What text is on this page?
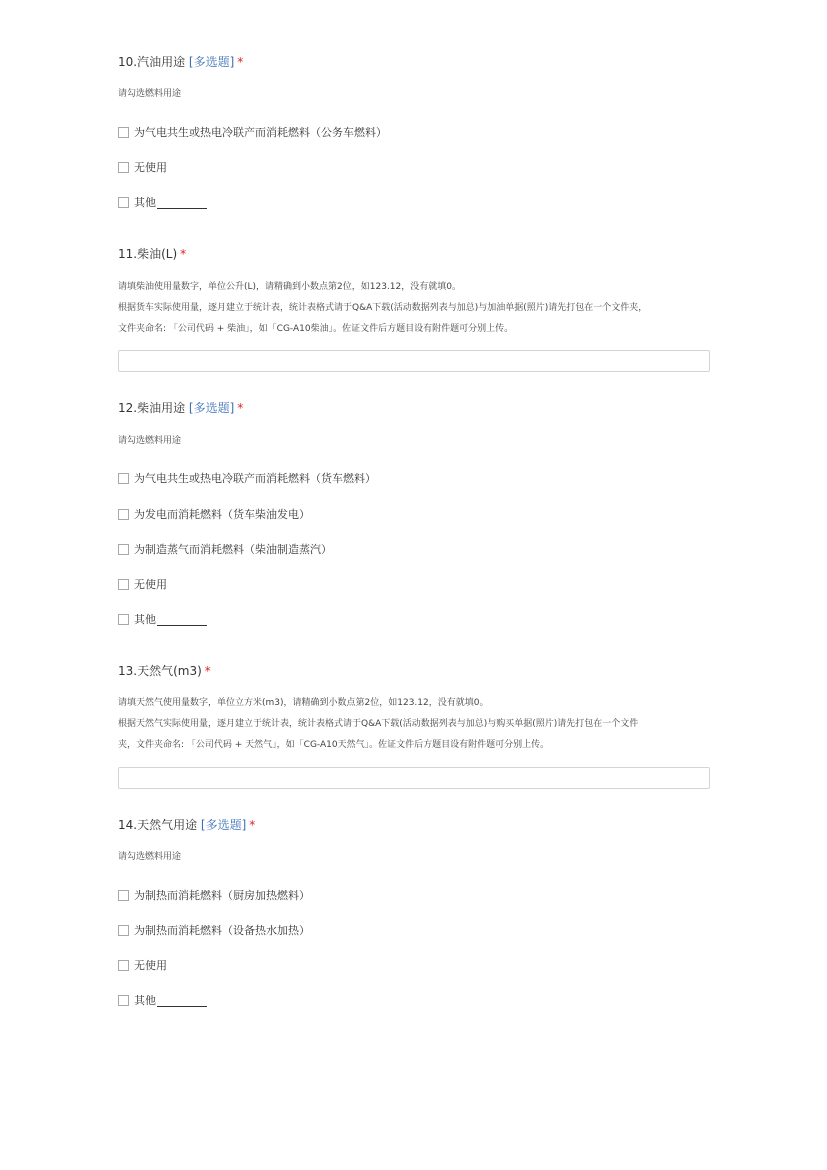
10.汽油用途 [多选题] *
请勾选燃料用途
为气电共生或热电冷联产而消耗燃料（公务车燃料）
无使用
其他
11.柴油(L) *
请填柴油使用量数字，单位公升(L)，请精确到小数点第2位，如123.12，没有就填0。
根据货车实际使用量，逐月建立于统计表，统计表格式请于Q&A下载(活动数据列表与加总)与加油单据(照片)请先打包在一个文件夹，
文件夹命名: 「公司代码 + 柴油」，如「CG-A10柴油」。佐证文件后方题目设有附件题可分别上传。
12.柴油用途 [多选题] *
请勾选燃料用途
为气电共生或热电冷联产而消耗燃料（货车燃料）
为发电而消耗燃料（货车柴油发电）
为制造蒸气而消耗燃料（柴油制造蒸汽）
无使用
其他
13.天然气(m3) *
请填天然气使用量数字，单位立方米(m3)，请精确到小数点第2位，如123.12，没有就填0。
根据天然气实际使用量，逐月建立于统计表，统计表格式请于Q&A下载(活动数据列表与加总)与购买单据(照片)请先打包在一个文件
夹，文件夹命名: 「公司代码 + 天然气」，如「CG-A10天然气」。佐证文件后方题目设有附件题可分别上传。
14.天然气用途 [多选题] *
请勾选燃料用途
为制热而消耗燃料（厨房加热燃料）
为制热而消耗燃料（设备热水加热）
无使用
其他
